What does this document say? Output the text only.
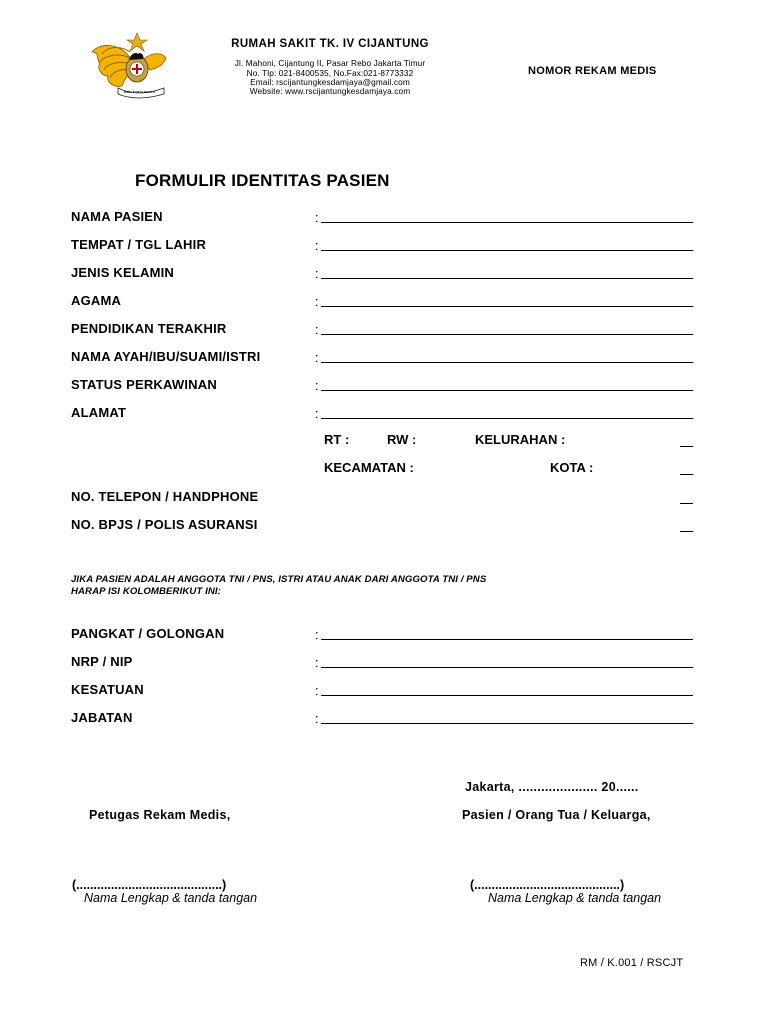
WIRA KARYA BHAKTI
RUMAH SAKIT TK. IV CIJANTUNG
Jl. Mahoni, Cijantung II, Pasar Rebo Jakarta Timur
No. Tlp: 021-8400535, No.Fax:021-8773332
Email: rscijantungkesdamjaya@gmail.com
Website: www.rscijantungkesdamjaya.com
NOMOR REKAM MEDIS
FORMULIR IDENTITAS PASIEN
NAMA PASIEN	:
TEMPAT / TGL LAHIR	:
JENIS KELAMIN	:
AGAMA	:
PENDIDIKAN TERAKHIR	:
NAMA AYAH/IBU/SUAMI/ISTRI	:
STATUS PERKAWINAN	:
ALAMAT	:
RT :	RW :	KELURAHAN :
KECAMATAN :	KOTA :
NO. TELEPON / HANDPHONE
NO. BPJS / POLIS ASURANSI
JIKA PASIEN ADALAH ANGGOTA TNI / PNS, ISTRI ATAU ANAK DARI ANGGOTA TNI / PNS
HARAP ISI KOLOMBERIKUT INI:
PANGKAT / GOLONGAN	:
NRP / NIP	:
KESATUAN	:
JABATAN	:
Jakarta, ..................... 20......
Petugas Rekam Medis,	Pasien / Orang Tua / Keluarga,
(..........................................)
Nama Lengkap & tanda tangan
(..........................................)
Nama Lengkap & tanda tangan
RM / K.001 / RSCJT
